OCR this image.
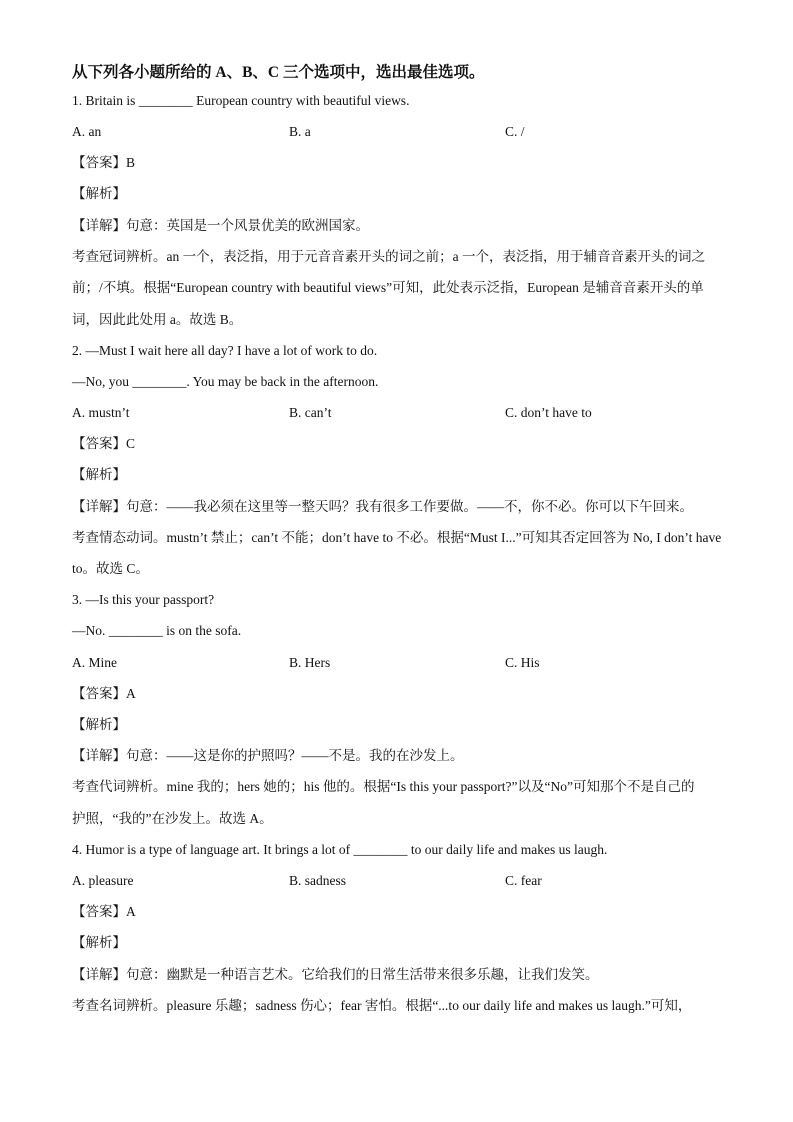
从下列各小题所给的 A、B、C 三个选项中，选出最佳选项。
1. Britain is ________ European country with beautiful views.
A. an	B. a	C. /
【答案】B
【解析】
【详解】句意：英国是一个风景优美的欧洲国家。
考查冠词辨析。an 一个，表泛指，用于元音音素开头的词之前；a 一个，表泛指，用于辅音音素开头的词之
前；/不填。根据“European country with beautiful views”可知，此处表示泛指，European 是辅音音素开头的单
词，因此此处用 a。故选 B。
2. —Must I wait here all day? I have a lot of work to do.
—No, you ________. You may be back in the afternoon.
A. mustn’t	B. can’t	C. don’t have to
【答案】C
【解析】
【详解】句意：——我必须在这里等一整天吗？我有很多工作要做。——不，你不必。你可以下午回来。
考查情态动词。mustn’t 禁止；can’t 不能；don’t have to 不必。根据“Must I...”可知其否定回答为 No, I don’t have
to。故选 C。
3. —Is this your passport?
—No. ________ is on the sofa.
A. Mine	B. Hers	C. His
【答案】A
【解析】
【详解】句意：——这是你的护照吗？——不是。我的在沙发上。
考查代词辨析。mine 我的；hers 她的；his 他的。根据“Is this your passport?”以及“No”可知那个不是自己的
护照，“我的”在沙发上。故选 A。
4. Humor is a type of language art. It brings a lot of ________ to our daily life and makes us laugh.
A. pleasure	B. sadness	C. fear
【答案】A
【解析】
【详解】句意：幽默是一种语言艺术。它给我们的日常生活带来很多乐趣，让我们发笑。
考查名词辨析。pleasure 乐趣；sadness 伤心；fear 害怕。根据“...to our daily life and makes us laugh.”可知，
